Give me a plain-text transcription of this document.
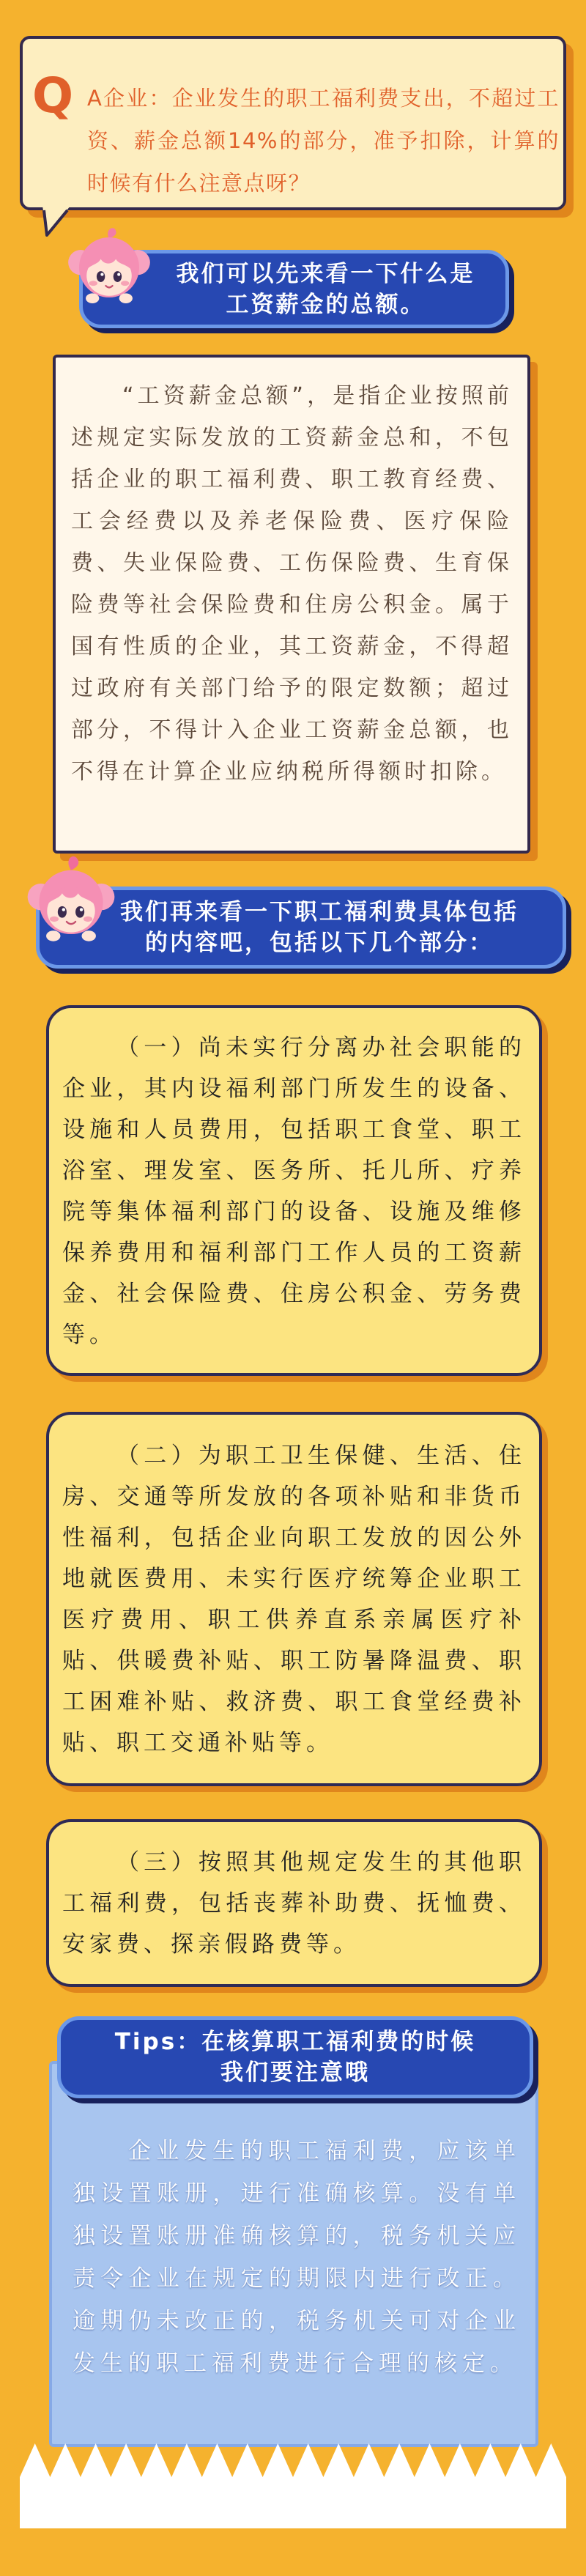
Q A企业：企业发生的职工福利费支出，不超过工资、薪金总额14%的部分，准予扣除，计算的时候有什么注意点呀？

我们可以先来看一下什么是
工资薪金的总额。

“工资薪金总额”，是指企业按照前述规定实际发放的工资薪金总和，不包括企业的职工福利费、职工教育经费、工会经费以及养老保险费、医疗保险费、失业保险费、工伤保险费、生育保险费等社会保险费和住房公积金。属于国有性质的企业，其工资薪金，不得超过政府有关部门给予的限定数额；超过部分，不得计入企业工资薪金总额，也不得在计算企业应纳税所得额时扣除。

我们再来看一下职工福利费具体包括
的内容吧，包括以下几个部分：

（一）尚未实行分离办社会职能的企业，其内设福利部门所发生的设备、设施和人员费用，包括职工食堂、职工浴室、理发室、医务所、托儿所、疗养院等集体福利部门的设备、设施及维修保养费用和福利部门工作人员的工资薪金、社会保险费、住房公积金、劳务费等。

（二）为职工卫生保健、生活、住房、交通等所发放的各项补贴和非货币性福利，包括企业向职工发放的因公外地就医费用、未实行医疗统筹企业职工医疗费用、职工供养直系亲属医疗补贴、供暖费补贴、职工防暑降温费、职工困难补贴、救济费、职工食堂经费补贴、职工交通补贴等。

（三）按照其他规定发生的其他职工福利费，包括丧葬补助费、抚恤费、安家费、探亲假路费等。

企业发生的职工福利费，应该单独设置账册，进行准确核算。没有单独设置账册准确核算的，税务机关应责令企业在规定的期限内进行改正。逾期仍未改正的，税务机关可对企业发生的职工福利费进行合理的核定。

Tips：在核算职工福利费的时候
我们要注意哦
